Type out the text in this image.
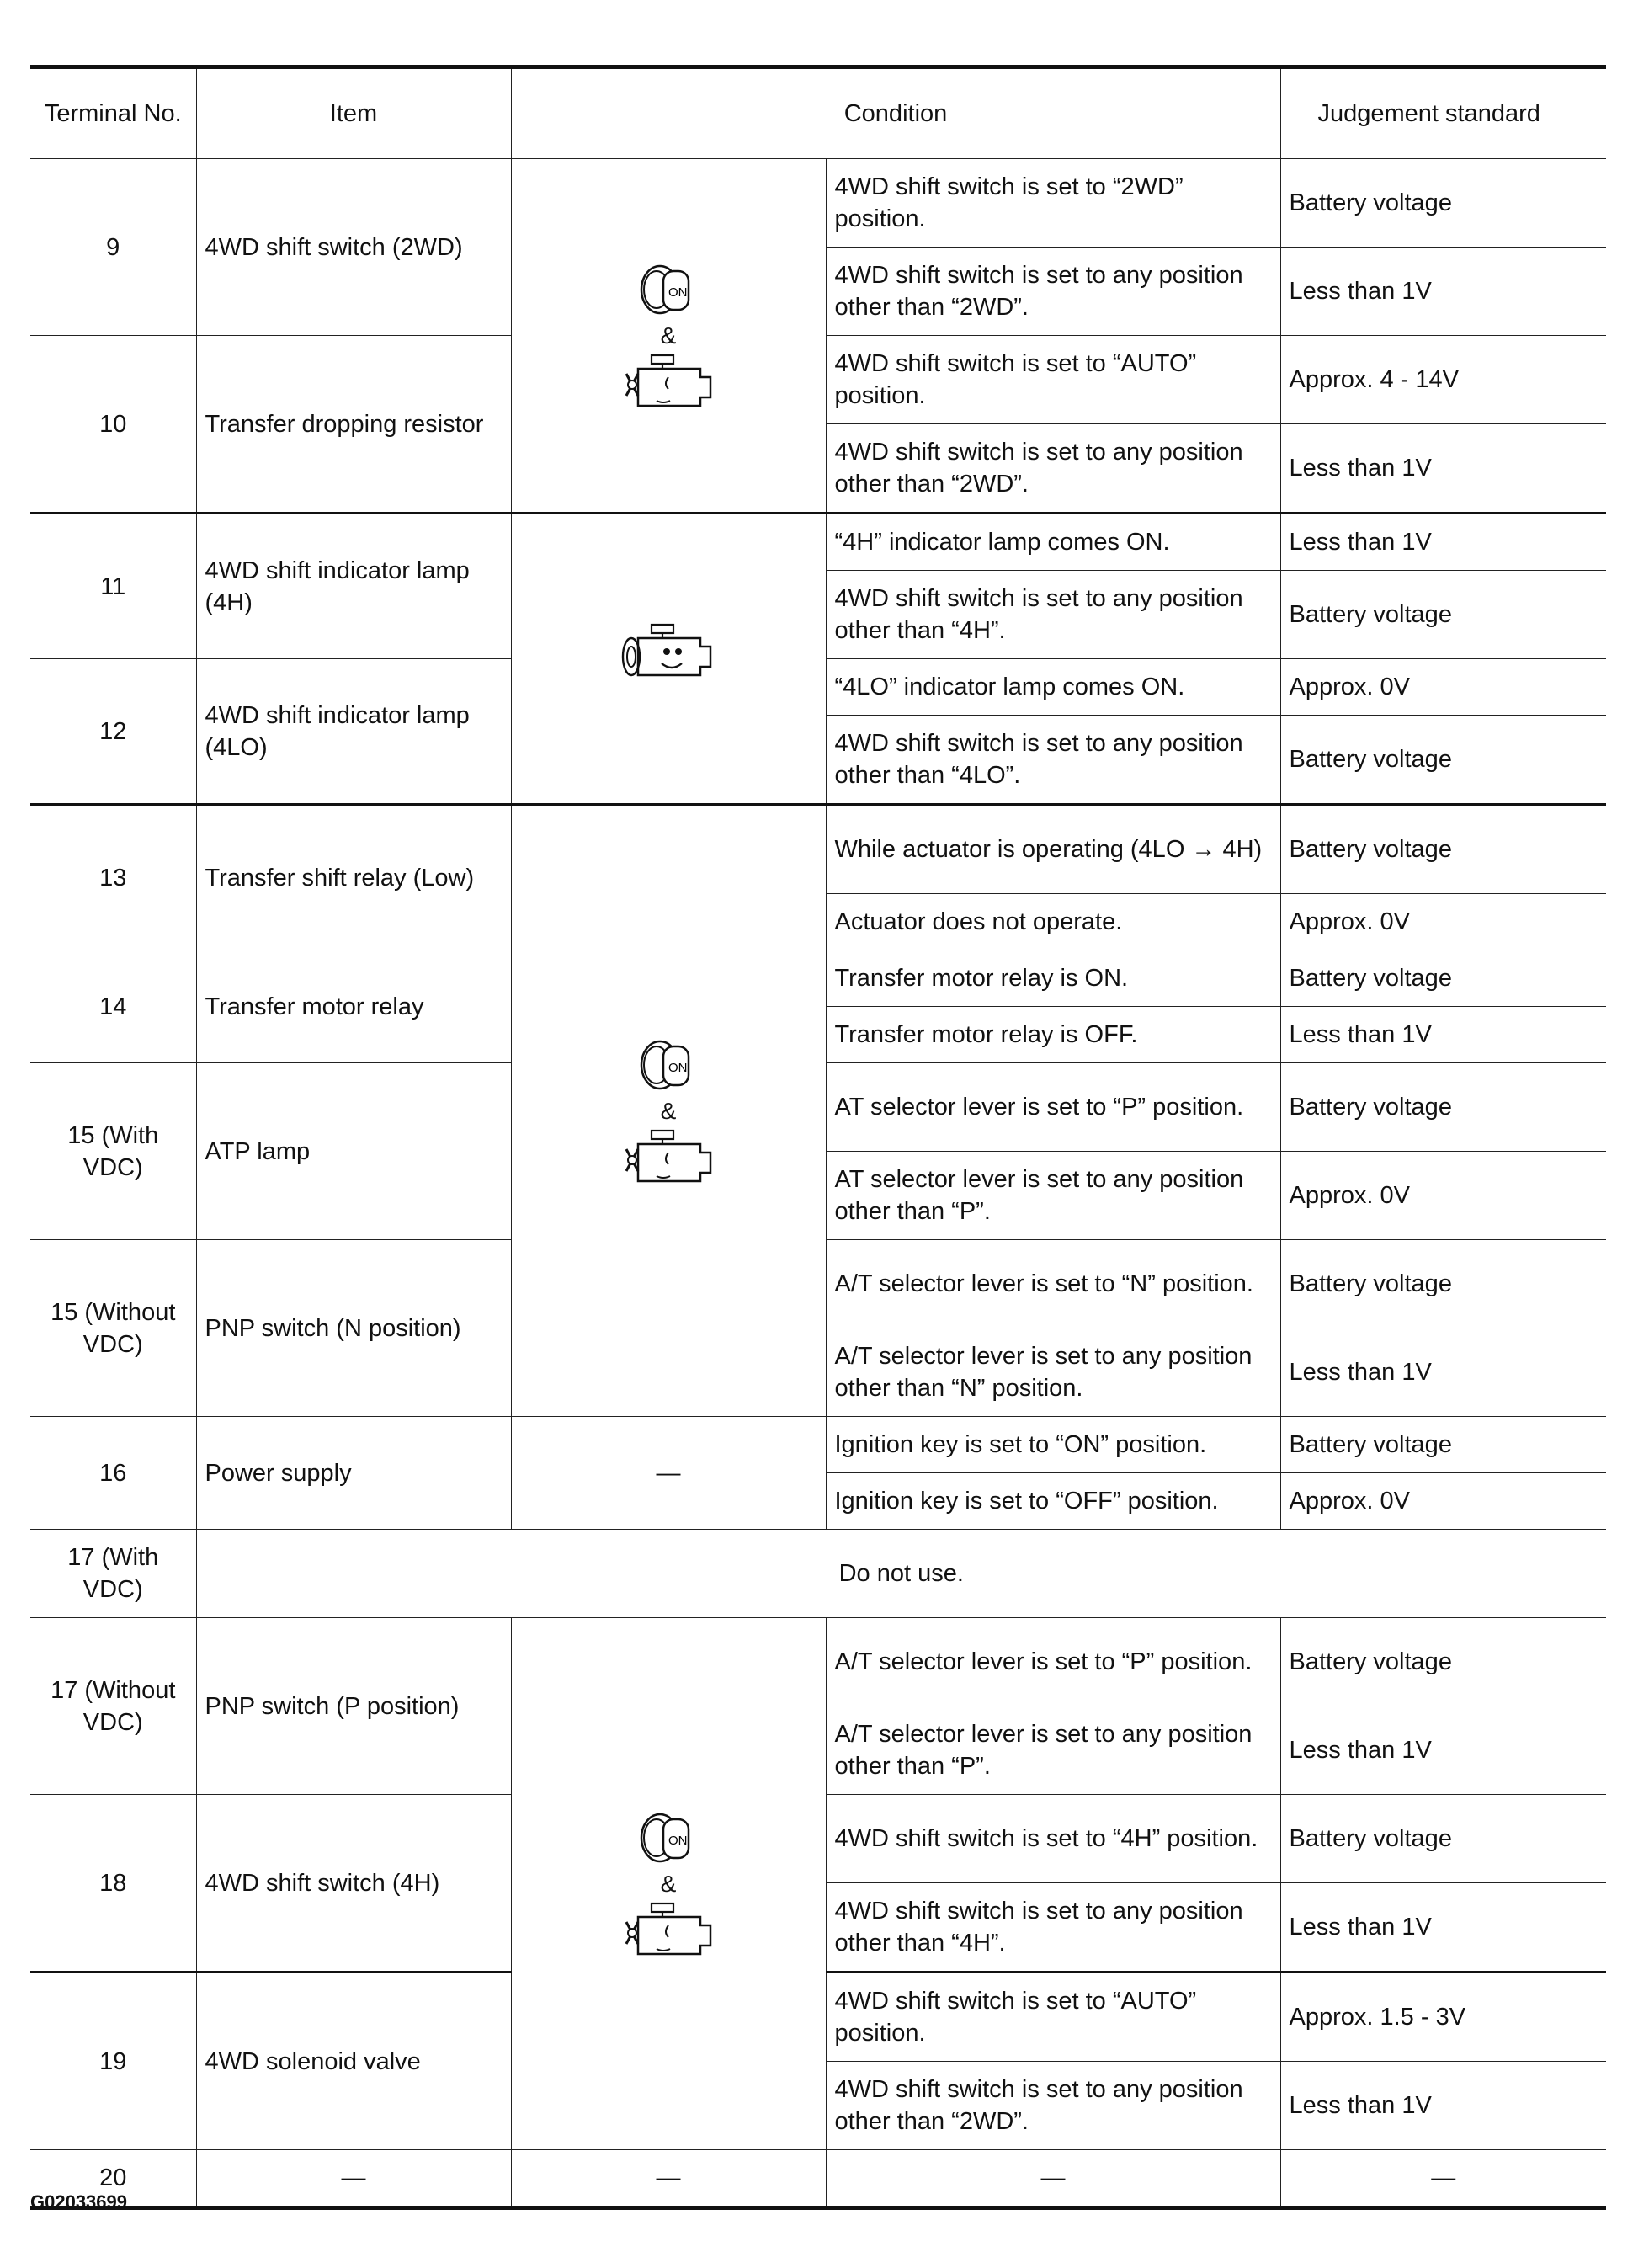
Terminal No.	Item	Condition		Judgement standard
9	4WD shift switch (2WD)	&	4WD shift switch is set to “2WD” position.	Battery voltage
			4WD shift switch is set to any position other than “2WD”.	Less than 1V
10	Transfer dropping resistor		4WD shift switch is set to “AUTO” position.	Approx. 4 - 14V
			4WD shift switch is set to any position other than “2WD”.	Less than 1V
11	4WD shift indicator lamp (4H)		“4H” indicator lamp comes ON.	Less than 1V
			4WD shift switch is set to any position other than “4H”.	Battery voltage
12	4WD shift indicator lamp (4LO)		“4LO” indicator lamp comes ON.	Approx. 0V
			4WD shift switch is set to any position other than “4LO”.	Battery voltage
13	Transfer shift relay (Low)	&	While actuator is operating (4LO → 4H)	Battery voltage
			Actuator does not operate.	Approx. 0V
14	Transfer motor relay		Transfer motor relay is ON.	Battery voltage
			Transfer motor relay is OFF.	Less than 1V
15 (With VDC)	ATP lamp		AT selector lever is set to “P” position.	Battery voltage
			AT selector lever is set to any position other than “P”.	Approx. 0V
15 (Without VDC)	PNP switch (N position)		A/T selector lever is set to “N” position.	Battery voltage
			A/T selector lever is set to any position other than “N” position.	Less than 1V
16	Power supply	—	Ignition key is set to “ON” position.	Battery voltage
			Ignition key is set to “OFF” position.	Approx. 0V
17 (With VDC)	Do not use.			
17 (Without VDC)	PNP switch (P position)	&	A/T selector lever is set to “P” position.	Battery voltage
			A/T selector lever is set to any position other than “P”.	Less than 1V
18	4WD shift switch (4H)		4WD shift switch is set to “4H” position.	Battery voltage
			4WD shift switch is set to any position other than “4H”.	Less than 1V
19	4WD solenoid valve		4WD shift switch is set to “AUTO” position.	Approx. 1.5 - 3V
			4WD shift switch is set to any position other than “2WD”.	Less than 1V
20	—	—	—	—
G02033699
